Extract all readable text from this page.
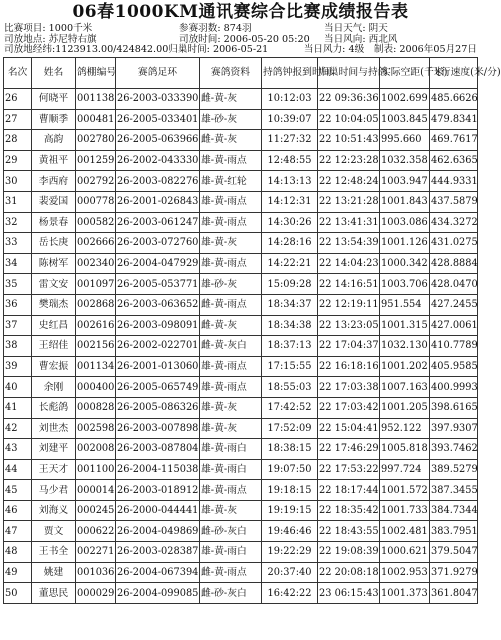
06春1000KM通讯赛综合比赛成绩报告表
比赛项目: 1000千米	参赛羽数: 874羽	当日天气: 阴天
司放地点: 苏尼特右旗	司放时间: 2006-05-20 05:20	当日风向: 西北风
司放地经纬:1123913.00/424842.00 归巢时间: 2006-05-21	当日风力: 4级	制表: 2006年05月27日
名次	姓名	鸽棚编号	赛鸽足环	赛鸽资料	持鸽钟报到时间	归巢时间与持鸽	实际空距(千米)	飞行速度(米/分)
26	何晓平	001138	26-2003-033390	雌-黄-灰	10:12:03	22 09:36:36	1002.699	485.6626
27	曹顺季	000481	26-2005-033401	雄-砂-灰	10:39:07	22 10:04:05	1003.845	479.8341
28	高韵	002780	26-2005-063966	雌-黄-灰	11:27:32	22 10:51:43	995.660	469.7617
29	黄祖平	001259	26-2002-043330	雄-黄-雨点	12:48:55	22 12:23:28	1032.358	462.6365
30	李西府	002792	26-2003-082276	雄-黄-红轮	14:13:13	22 12:48:24	1003.947	444.9331
31	裴爱国	000778	26-2001-026843	雄-黄-雨点	14:12:31	22 13:21:28	1001.843	437.5879
32	杨景春	000582	26-2003-061247	雄-黄-雨点	14:30:26	22 13:41:31	1003.086	434.3272
33	岳长庚	002666	26-2003-072760	雄-黄-灰	14:28:16	22 13:54:39	1001.126	431.0275
34	陈树军	002340	26-2004-047929	雄-黄-雨点	14:22:21	22 14:04:23	1000.342	428.8884
35	雷文安	001097	26-2005-053771	雄-砂-灰	15:09:28	22 14:16:51	1003.706	428.0470
36	樊瑞杰	002868	26-2003-063652	雌-黄-雨点	18:34:37	22 12:19:11	951.554	427.2455
37	史红昌	002616	26-2003-098091	雌-黄-灰	18:34:38	22 13:23:05	1001.315	427.0061
38	王绍佳	002156	26-2002-022701	雌-黄-灰白	18:37:13	22 17:04:37	1032.130	410.7789
39	曹宏振	001134	26-2001-013060	雄-黄-雨点	17:15:55	22 16:18:16	1001.202	405.9585
40	余刚	000400	26-2005-065749	雄-黄-雨点	18:55:03	22 17:03:38	1007.163	400.9993
41	长彪鸽	000828	26-2005-086326	雄-黄-灰	17:42:52	22 17:03:42	1001.205	398.6165
42	刘世杰	002598	26-2003-007898	雄-黄-灰	17:52:09	22 15:04:41	952.122	397.9307
43	刘建平	002008	26-2003-087804	雄-黄-雨白	18:38:15	22 17:46:29	1005.818	393.7462
44	王天才	001100	26-2004-115038	雄-黄-雨白	19:07:50	22 17:53:22	997.724	389.5279
45	马少君	000014	26-2003-018912	雄-黄-雨点	19:18:15	22 18:17:44	1001.572	387.3455
46	刘海义	000245	26-2000-044441	雄-黄-灰	19:19:15	22 18:35:42	1001.733	384.7344
47	贾文	000622	26-2004-049869	雌-砂-灰白	19:46:46	22 18:43:55	1002.481	383.7951
48	王书全	002271	26-2003-028387	雄-黄-雨白	19:22:29	22 19:08:39	1000.621	379.5047
49	姚建	001036	26-2004-067394	雌-黄-雨点	20:37:40	22 20:08:18	1002.953	371.9279
50	董思民	000029	26-2004-099085	雌-砂-灰白	16:42:22	23 06:15:43	1001.373	361.8047
